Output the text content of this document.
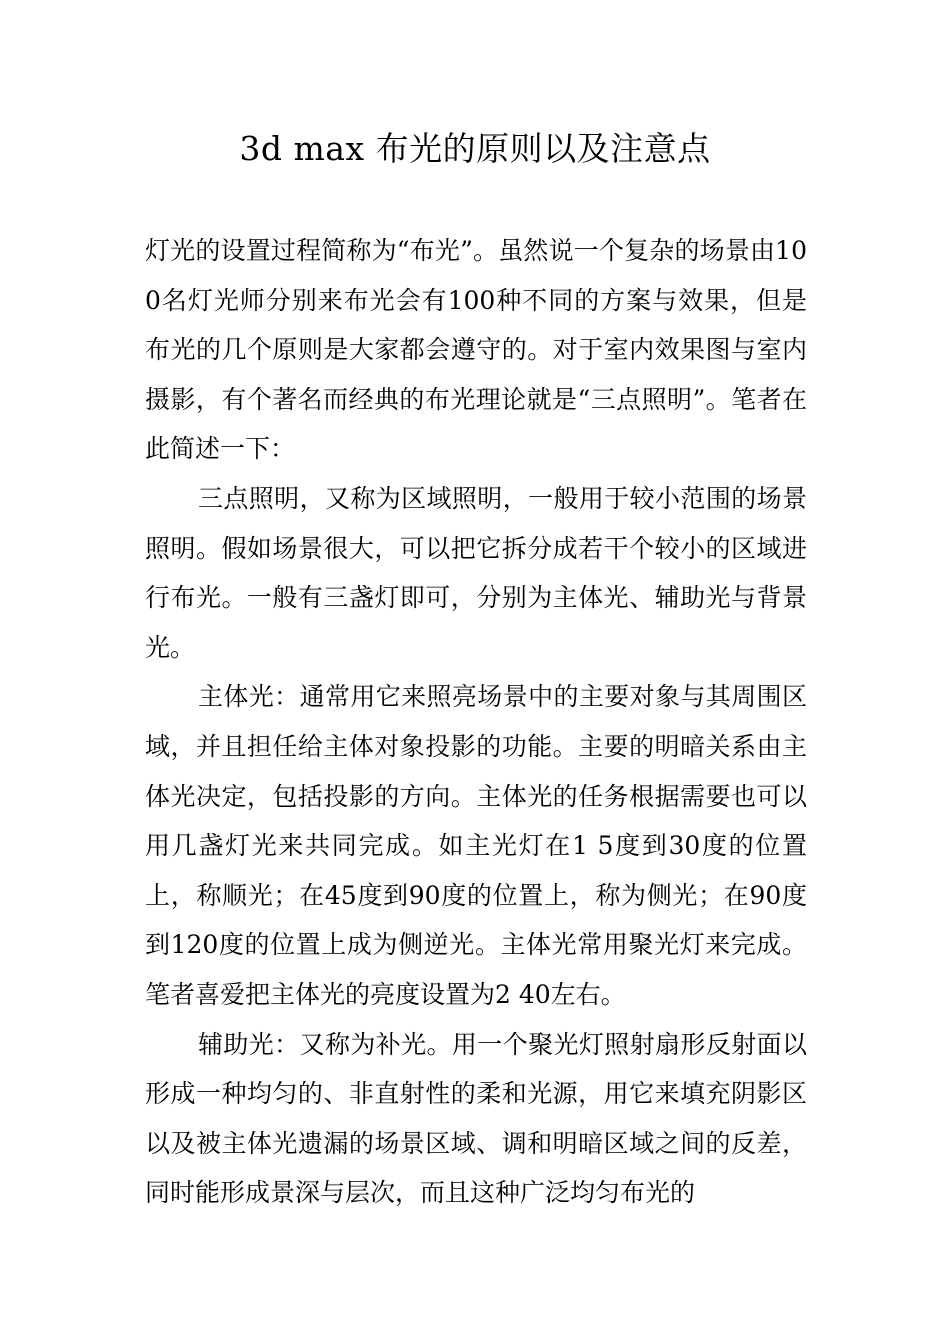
3d max 布光的原则以及注意点

灯光的设置过程简称为“布光”。虽然说一个复杂的场景由100名灯光师分别来布光会有100种不同的方案与效果，但是布光的几个原则是大家都会遵守的。对于室内效果图与室内摄影，有个著名而经典的布光理论就是“三点照明”。笔者在此简述一下：

三点照明，又称为区域照明，一般用于较小范围的场景照明。假如场景很大，可以把它拆分成若干个较小的区域进行布光。一般有三盏灯即可，分别为主体光、辅助光与背景光。

主体光：通常用它来照亮场景中的主要对象与其周围区域，并且担任给主体对象投影的功能。主要的明暗关系由主体光决定，包括投影的方向。主体光的任务根据需要也可以用几盏灯光来共同完成。如主光灯在1 5度到30度的位置上，称顺光；在45度到90度的位置上，称为侧光；在90度到120度的位置上成为侧逆光。主体光常用聚光灯来完成。笔者喜爱把主体光的亮度设置为2 40左右。

辅助光：又称为补光。用一个聚光灯照射扇形反射面以形成一种均匀的、非直射性的柔和光源，用它来填充阴影区以及被主体光遗漏的场景区域、调和明暗区域之间的反差，同时能形成景深与层次，而且这种广泛均匀布光的
